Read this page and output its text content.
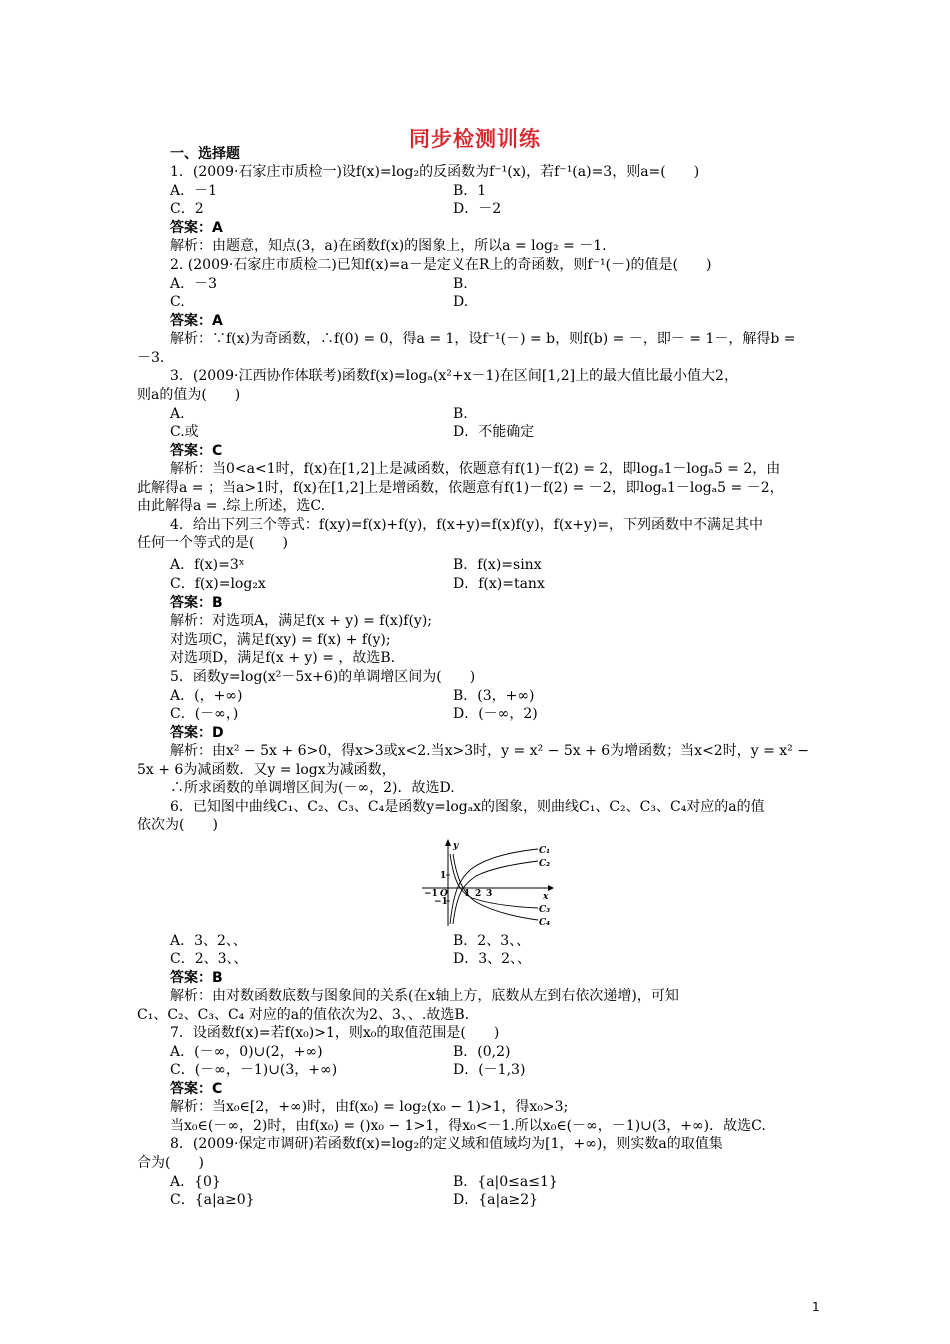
同步检测训练
一、选择题
1．(2009·石家庄市质检一)设f(x)=log₂的反函数为f⁻¹(x)，若f⁻¹(a)=3，则a=(　　)
A．－1
C．2
答案：A
解析：由题意，知点(3，a)在函数f(x)的图象上，所以a = log₂ = －1.
2. (2009·石家庄市质检二)已知f(x)=a－是定义在R上的奇函数，则f⁻¹(－)的值是(　　)
A．－3
C.
答案：A
解析：∵f(x)为奇函数，∴f(0) = 0，得a = 1，设f⁻¹(－) = b，则f(b) = －，即－ = 1－，解得b =
－3.
3．(2009·江西协作体联考)函数f(x)=logₐ(x²+x－1)在区间[1,2]上的最大值比最小值大2，
则a的值为(　　)
A.
C.或
答案：C
解析：当0<a<1时，f(x)在[1,2]上是减函数，依题意有f(1)－f(2) = 2，即logₐ1－logₐ5 = 2，由
此解得a = ；当a>1时，f(x)在[1,2]上是增函数，依题意有f(1)－f(2) = －2，即logₐ1－logₐ5 = －2，
由此解得a = .综上所述，选C.
4．给出下列三个等式：f(xy)=f(x)+f(y)，f(x+y)=f(x)f(y)，f(x+y)=，下列函数中不满足其中
任何一个等式的是(　　)
A．f(x)=3ˣ
C．f(x)=log₂x
答案：B
解析：对选项A，满足f(x + y) = f(x)f(y);
对选项C，满足f(xy) = f(x) + f(y);
对选项D，满足f(x + y) = ，故选B.
5．函数y=log(x²－5x+6)的单调增区间为(　　)
A．(，+∞)
C．(－∞，)
答案：D
解析：由x² − 5x + 6>0，得x>3或x<2.当x>3时，y = x² − 5x + 6为增函数；当x<2时，y = x² −
5x + 6为减函数．又y = logx为减函数，
∴所求函数的单调增区间为(－∞，2)．故选D.
6．已知图中曲线C₁、C₂、C₃、C₄是函数y=logₐx的图象，则曲线C₁、C₂、C₃、C₄对应的a的值
依次为(　　)
A．3、2、、
C．2、3、、
答案：B
解析：由对数函数底数与图象间的关系(在x轴上方，底数从左到右依次递增)，可知
C₁、C₂、C₃、C₄ 对应的a的值依次为2、3、、.故选B.
7．设函数f(x)=若f(x₀)>1，则x₀的取值范围是(　　)
A．(－∞，0)∪(2，+∞)
C．(－∞，－1)∪(3，+∞)
答案：C
解析：当x₀∈[2，+∞)时，由f(x₀) = log₂(x₀ − 1)>1，得x₀>3;
当x₀∈(－∞，2)时，由f(x₀) = ()x₀ − 1>1，得x₀<－1.所以x₀∈(－∞，－1)∪(3，+∞)．故选C.
8．(2009·保定市调研)若函数f(x)=log₂的定义域和值域均为[1，+∞)，则实数a的取值集
合为(　　)
A．{0}
C．{a|a≥0}
B．1
D．－2
B.
D.
B.
D．不能确定
B．f(x)=sinx
D．f(x)=tanx
B．(3，+∞)
D．(－∞，2)
B．2、3、、
D．3、2、、
B．(0,2)
D．(－1,3)
B．{a|0≤a≤1}
D．{a|a≥2}
y
x
C₁
C₂
C₃
C₄
1
−1
−1 O 1 2 3
1
